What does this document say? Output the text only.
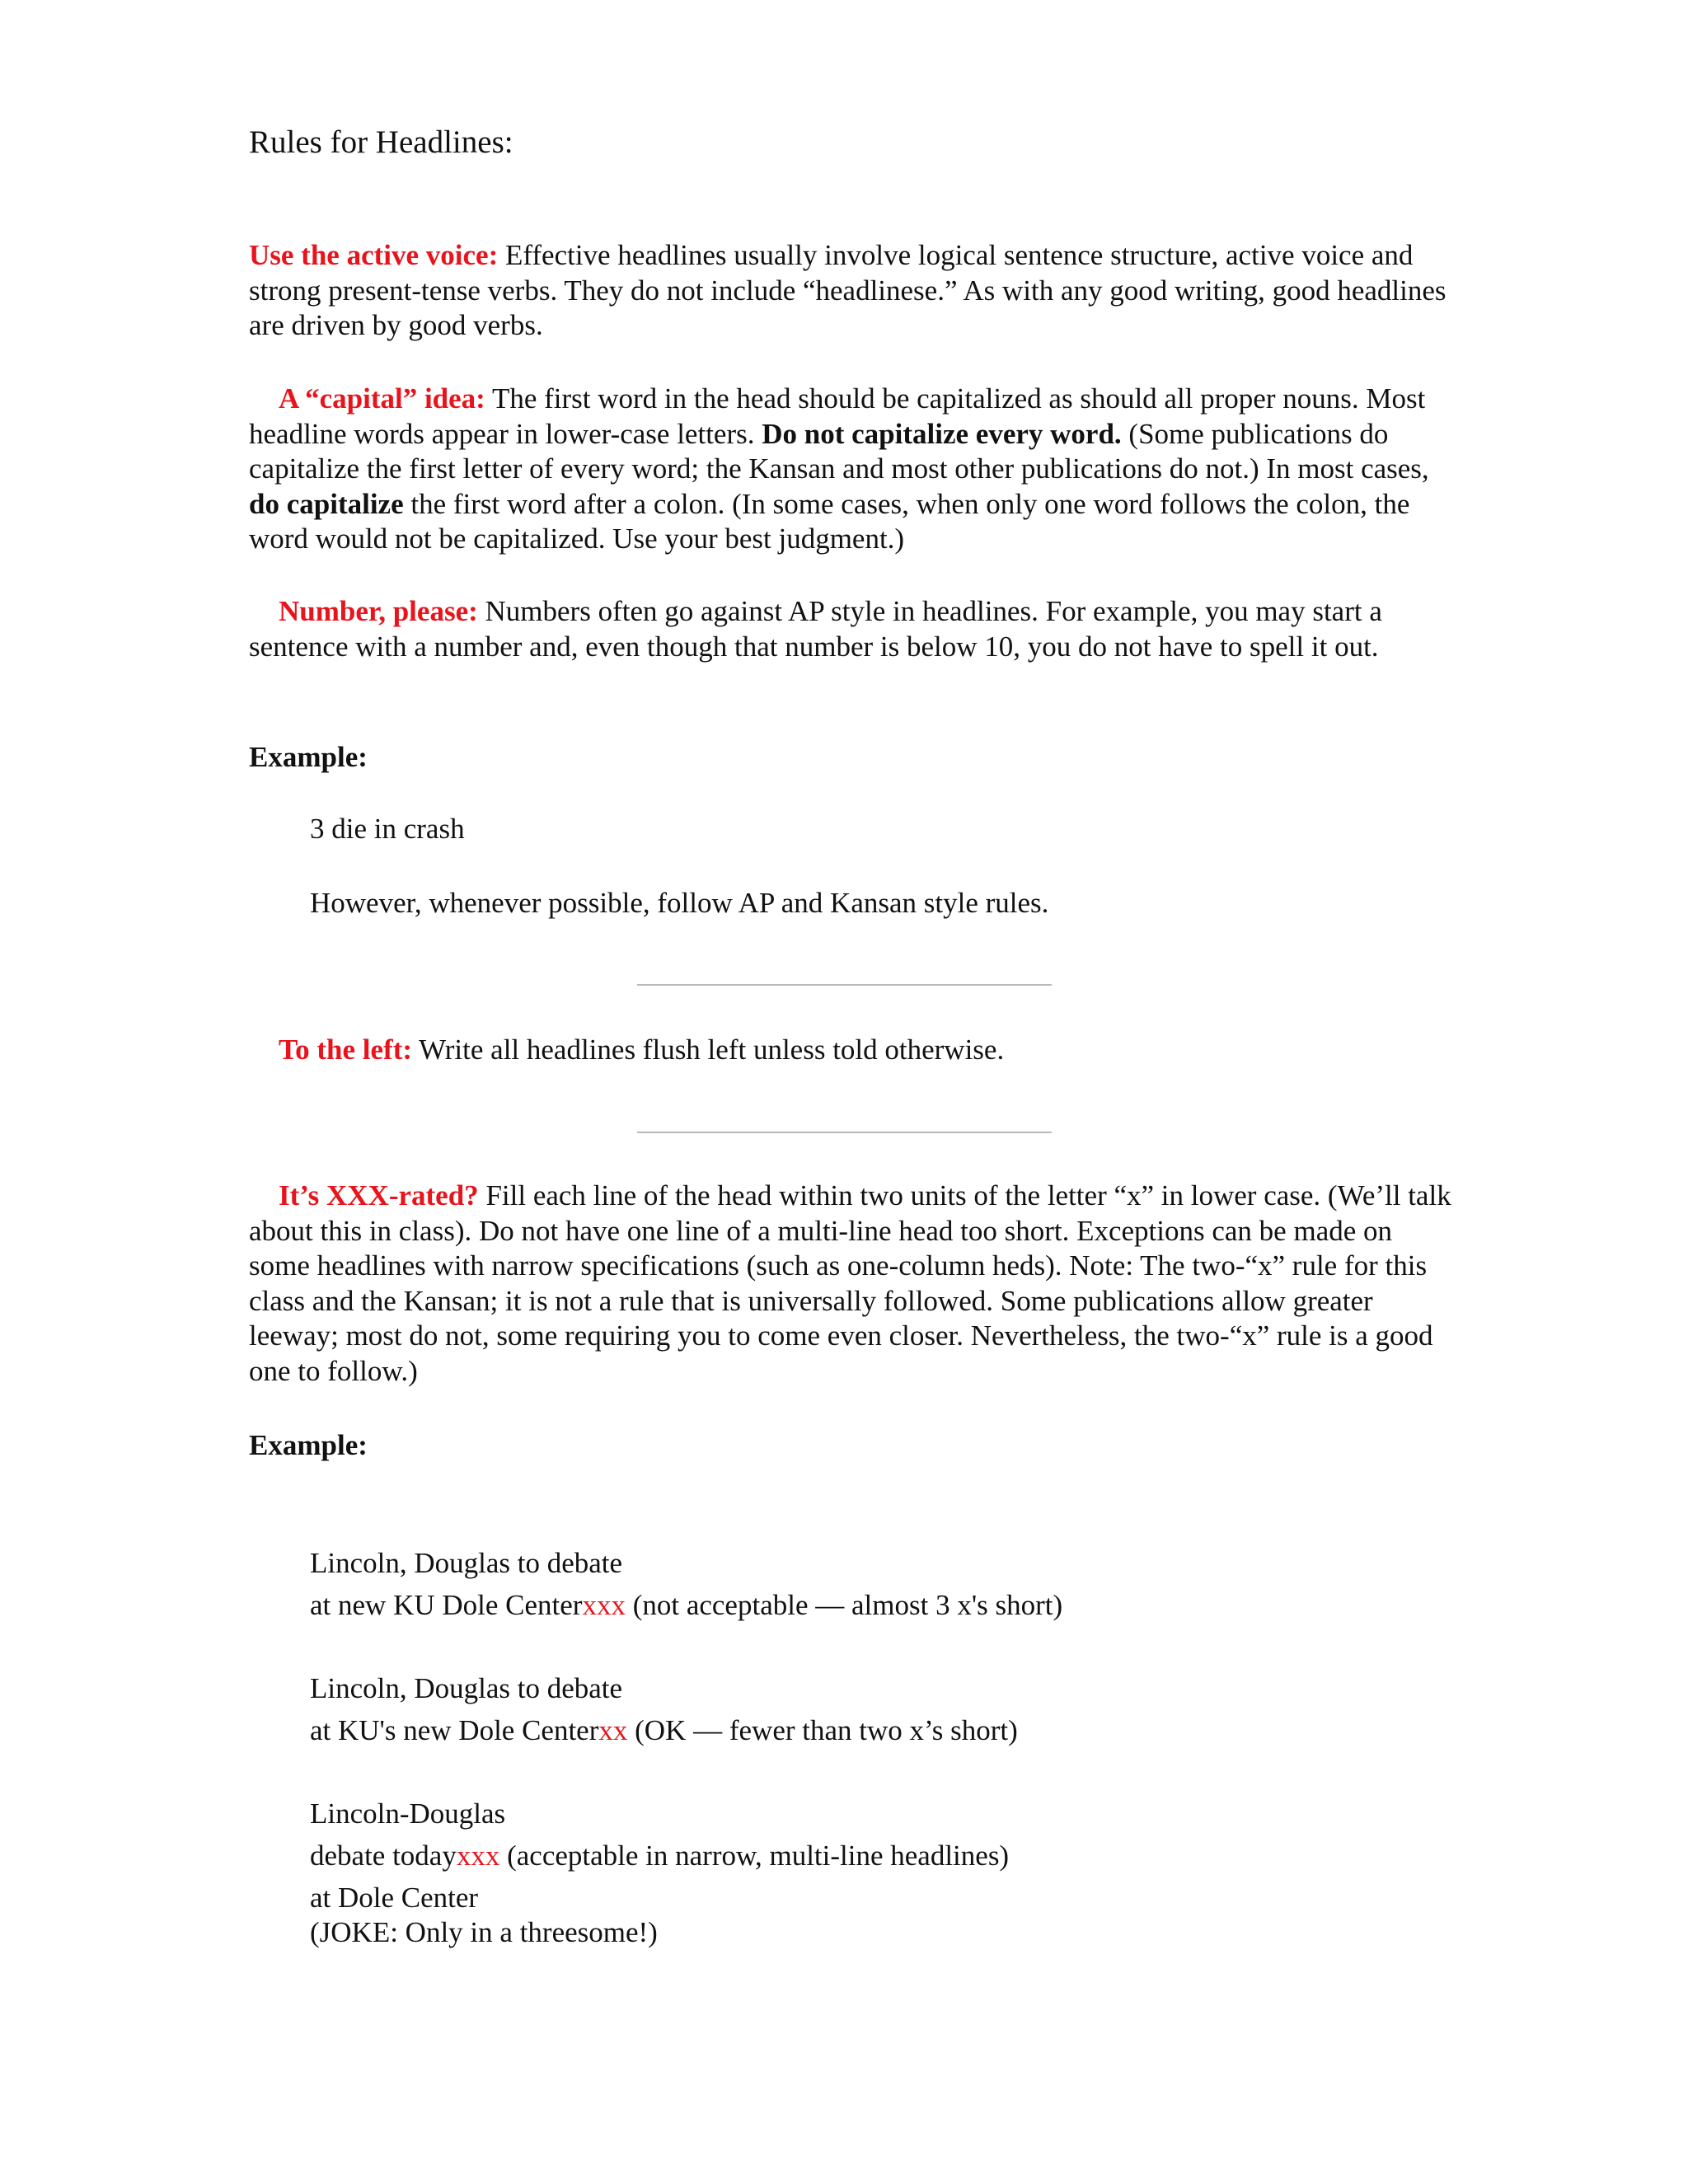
Rules for Headlines:

Use the active voice: Effective headlines usually involve logical sentence structure, active voice and strong present-tense verbs. They do not include “headlinese.” As with any good writing, good headlines are driven by good verbs.

A “capital” idea: The first word in the head should be capitalized as should all proper nouns. Most headline words appear in lower-case letters. Do not capitalize every word. (Some publications do capitalize the first letter of every word; the Kansan and most other publications do not.) In most cases, do capitalize the first word after a colon. (In some cases, when only one word follows the colon, the word would not be capitalized. Use your best judgment.)

Number, please: Numbers often go against AP style in headlines. For example, you may start a sentence with a number and, even though that number is below 10, you do not have to spell it out.

Example:
3 die in crash
However, whenever possible, follow AP and Kansan style rules.

To the left: Write all headlines flush left unless told otherwise.

It’s XXX-rated? Fill each line of the head within two units of the letter “x” in lower case. (We’ll talk about this in class). Do not have one line of a multi-line head too short. Exceptions can be made on some headlines with narrow specifications (such as one-column heds). Note: The two-“x” rule for this class and the Kansan; it is not a rule that is universally followed. Some publications allow greater leeway; most do not, some requiring you to come even closer. Nevertheless, the two-“x” rule is a good one to follow.)

Example:
Lincoln, Douglas to debate
at new KU Dole Centerxxx (not acceptable — almost 3 x's short)
Lincoln, Douglas to debate
at KU's new Dole Centerxx (OK — fewer than two x’s short)
Lincoln-Douglas
debate todayxxx (acceptable in narrow, multi-line headlines)
at Dole Center
(JOKE: Only in a threesome!)
